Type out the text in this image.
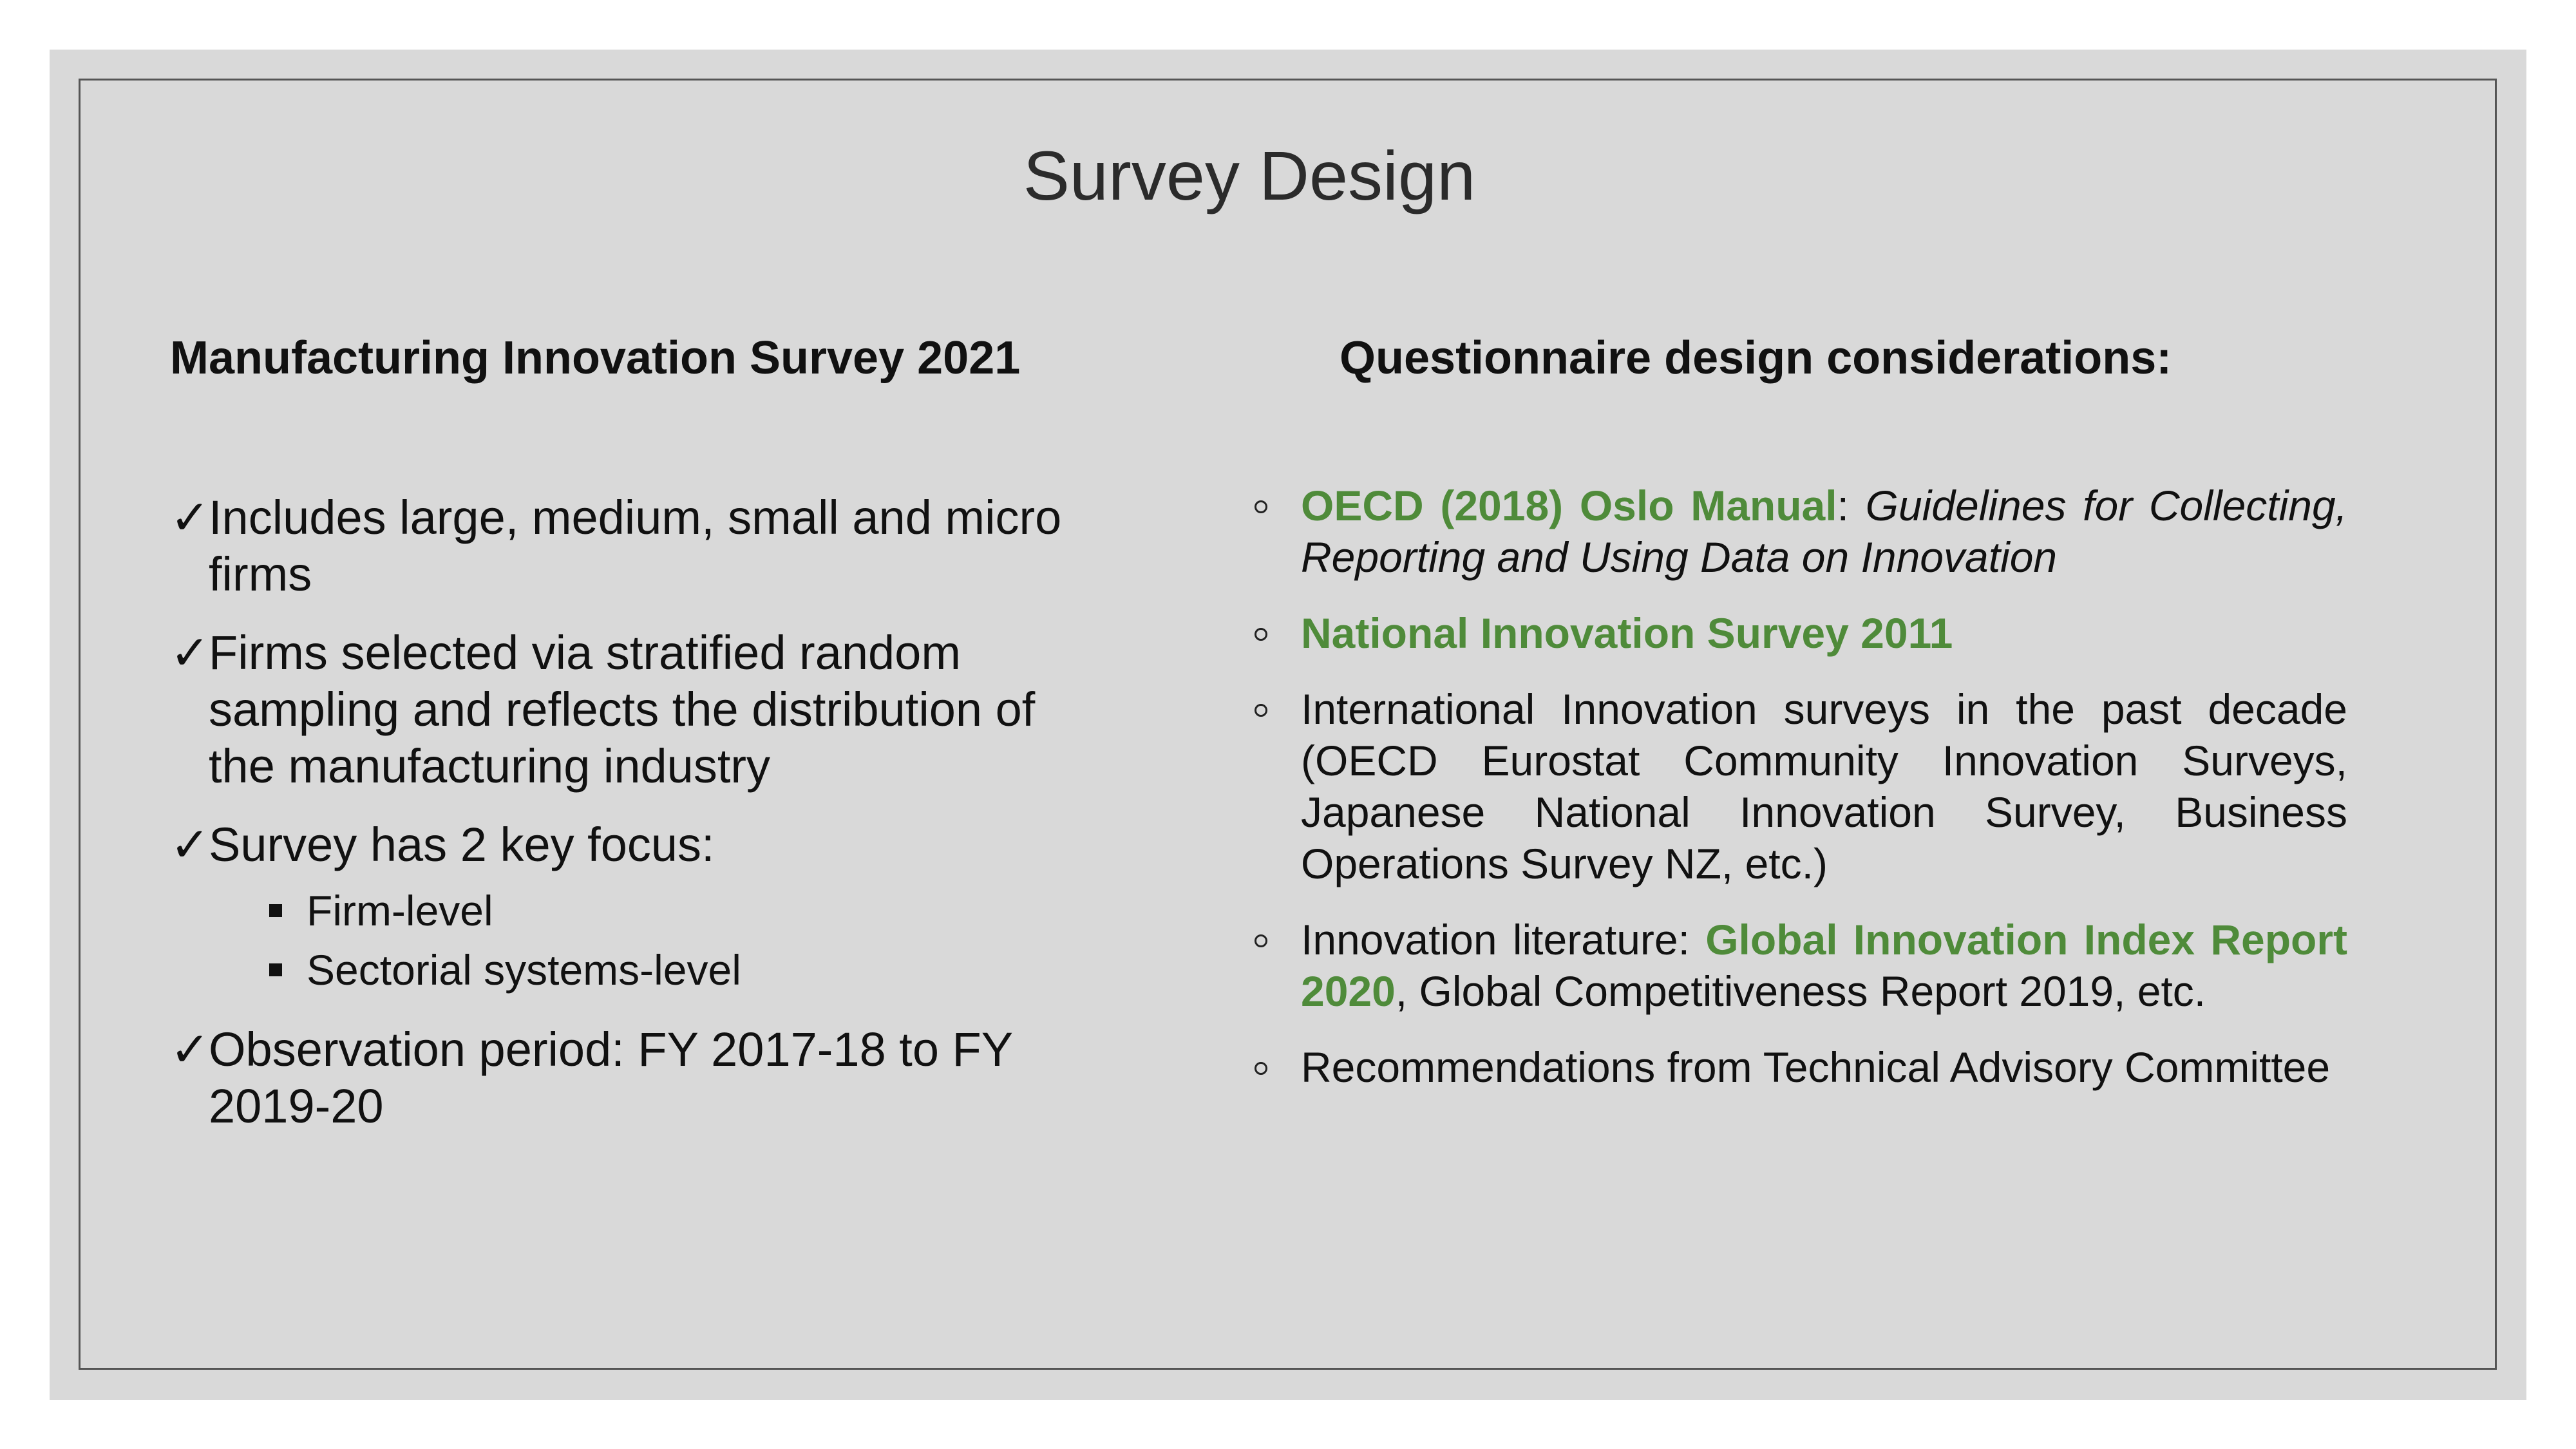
Survey Design
Manufacturing Innovation Survey 2021	Questionnaire design considerations:
✓
Includes large, medium, small and micro firms
✓
Firms selected via stratified random sampling and reflects the distribution of the manufacturing industry
✓
Survey has 2 key focus:
Firm-level
Sectorial systems-level
✓
Observation period: FY 2017-18 to FY 2019-20
OECD (2018) Oslo Manual: Guidelines for Collecting, Reporting and Using Data on Innovation
National Innovation Survey 2011
International Innovation surveys in the past decade (OECD Eurostat Community Innovation Surveys, Japanese National Innovation Survey, Business Operations Survey NZ, etc.)
Innovation literature: Global Innovation Index Report 2020, Global Competitiveness Report 2019, etc.
Recommendations from Technical Advisory Committee
